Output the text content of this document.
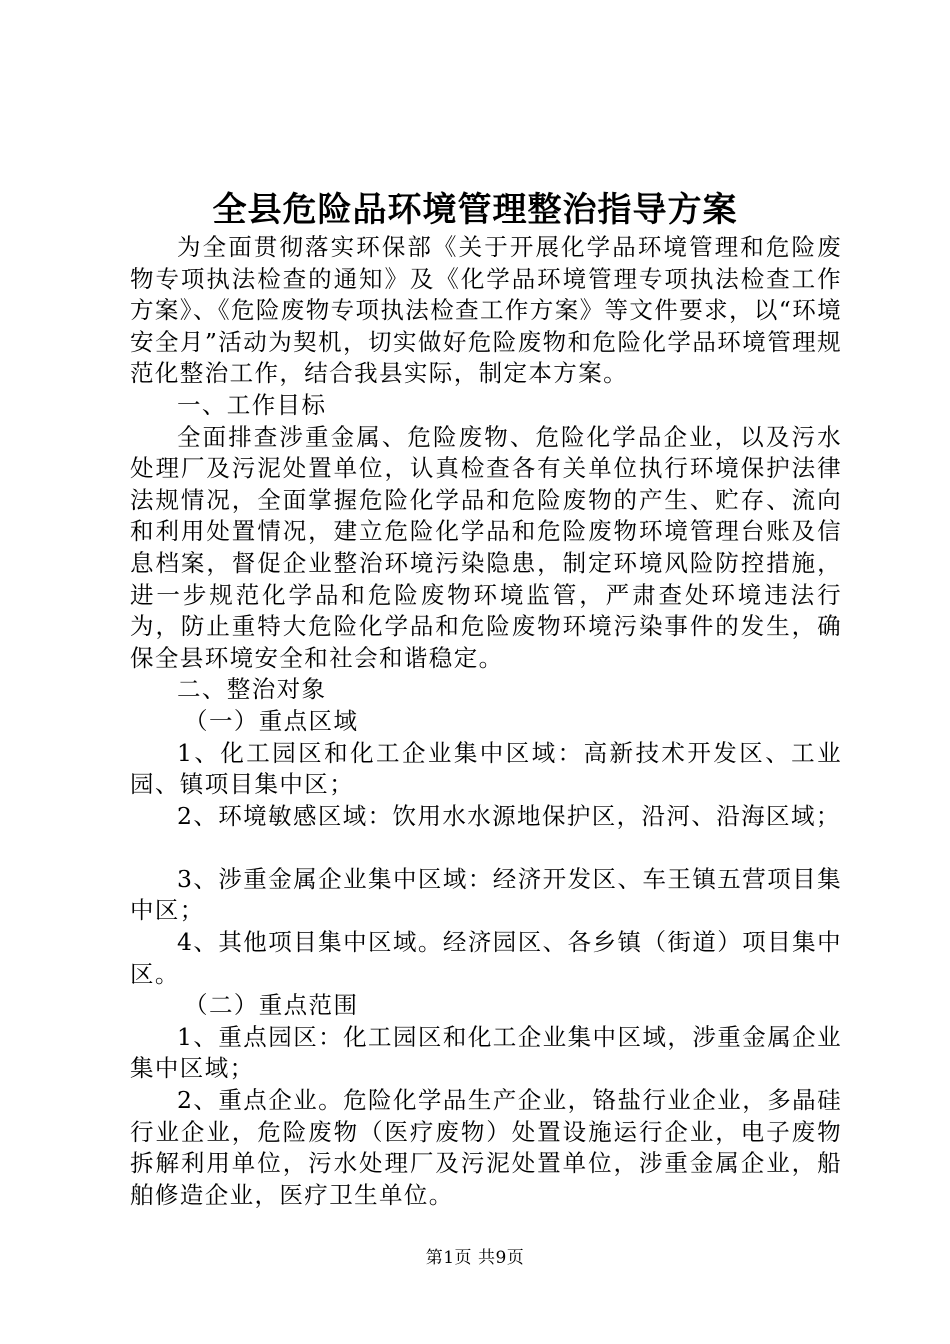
全县危险品环境管理整治指导方案

为全面贯彻落实环保部《关于开展化学品环境管理和危险废物专项执法检查的通知》及《化学品环境管理专项执法检查工作方案》、《危险废物专项执法检查工作方案》等文件要求，以“环境安全月”活动为契机，切实做好危险废物和危险化学品环境管理规范化整治工作，结合我县实际，制定本方案。

一、工作目标

全面排查涉重金属、危险废物、危险化学品企业，以及污水处理厂及污泥处置单位，认真检查各有关单位执行环境保护法律法规情况，全面掌握危险化学品和危险废物的产生、贮存、流向和利用处置情况，建立危险化学品和危险废物环境管理台账及信息档案，督促企业整治环境污染隐患，制定环境风险防控措施，进一步规范化学品和危险废物环境监管，严肃查处环境违法行为，防止重特大危险化学品和危险废物环境污染事件的发生，确保全县环境安全和社会和谐稳定。

二、整治对象

（一）重点区域

1、化工园区和化工企业集中区域：高新技术开发区、工业园、镇项目集中区；

2、环境敏感区域：饮用水水源地保护区，沿河、沿海区域；

3、涉重金属企业集中区域：经济开发区、车王镇五营项目集中区；

4、其他项目集中区域。经济园区、各乡镇（街道）项目集中区。

（二）重点范围

1、重点园区：化工园区和化工企业集中区域，涉重金属企业集中区域；

2、重点企业。危险化学品生产企业，铬盐行业企业，多晶硅行业企业，危险废物（医疗废物）处置设施运行企业，电子废物拆解利用单位，污水处理厂及污泥处置单位，涉重金属企业，船舶修造企业，医疗卫生单位。

第1页 共9页
